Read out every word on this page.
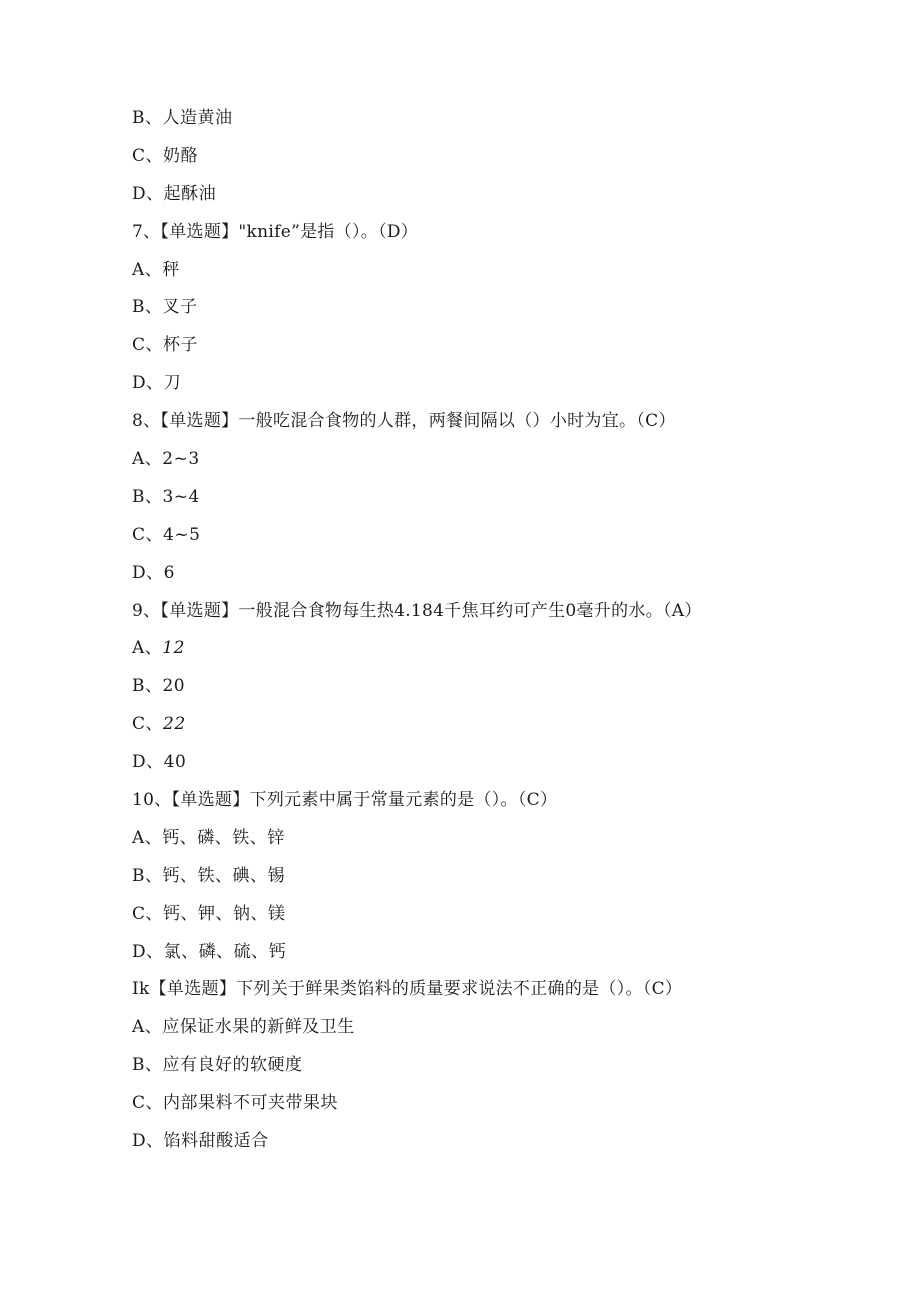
B、人造黄油
C、奶酪
D、起酥油
7、【单选题】"knife”是指（）。（D）
A、秤
B、叉子
C、杯子
D、刀
8、【单选题】一般吃混合食物的人群，两餐间隔以（）小时为宜。（C）
A、2~3
B、3~4
C、4~5
D、6
9、【单选题】一般混合食物每生热4.184千焦耳约可产生0毫升的水。（A）
A、12
B、20
C、22
D、40
10、【单选题】下列元素中属于常量元素的是（）。（C）
A、钙、磷、铁、锌
B、钙、铁、碘、锡
C、钙、钾、钠、镁
D、氯、磷、硫、钙
Ik【单选题】下列关于鲜果类馅料的质量要求说法不正确的是（）。（C）
A、应保证水果的新鲜及卫生
B、应有良好的软硬度
C、内部果料不可夹带果块
D、馅料甜酸适合
